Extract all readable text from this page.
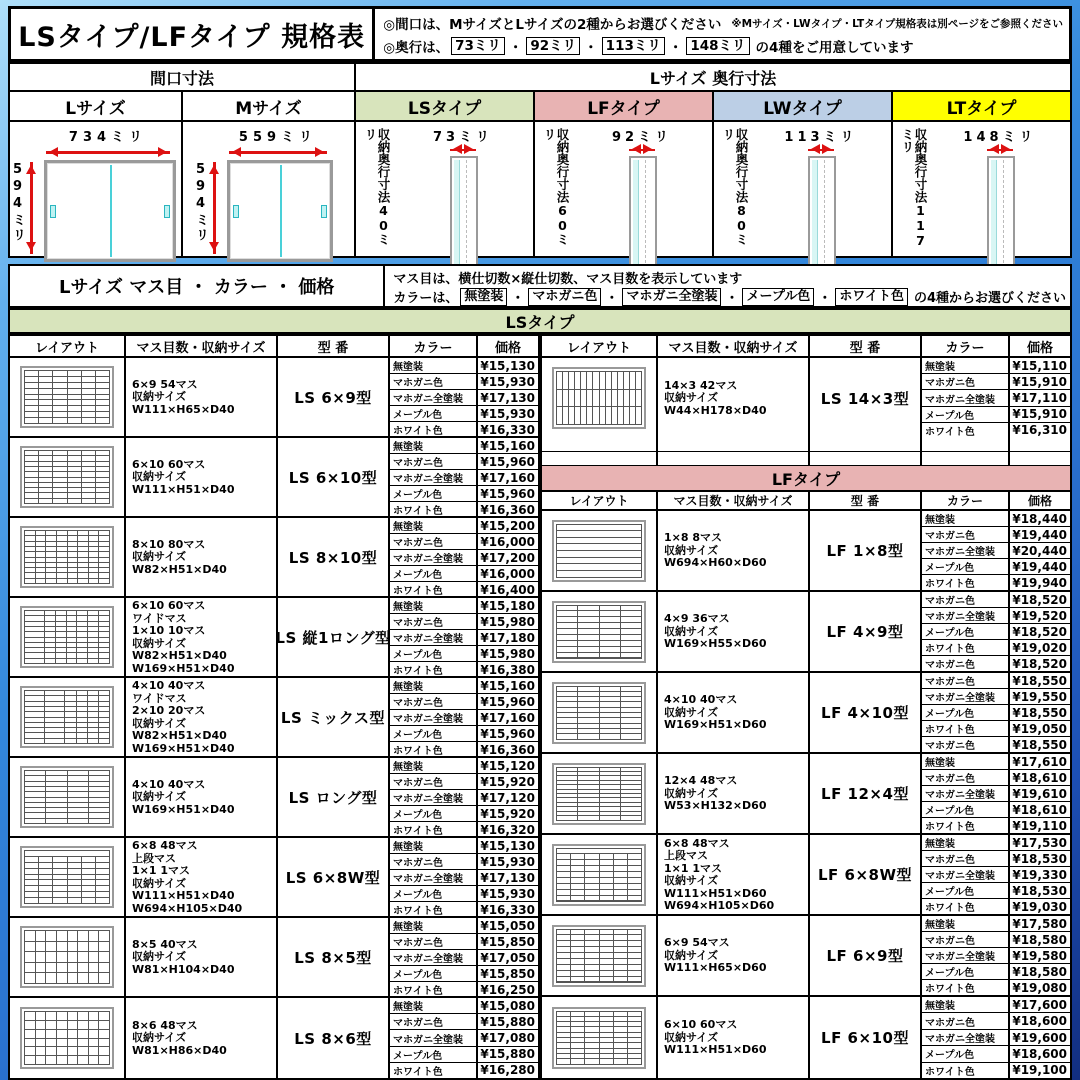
LSタイプ/LFタイプ 規格表	◎間口は、MサイズとLサイズの2種からお選びください ※Mサイズ・LWタイプ・LTタイプ規格表は別ページをご参照ください
◎奥行は、 73ミリ ・ 92ミリ ・ 113ミリ ・ 148ミリ の4種をご用意しています
間口寸法
Lサイズ
734ミリ
594ミリ
Mサイズ
559ミリ
594ミリ
Lサイズ 奥行寸法
LSタイプ
収納奥行寸法40ミリ	73ミリ
LFタイプ
収納奥行寸法60ミリ	92ミリ
LWタイプ
収納奥行寸法80ミリ	113ミリ
LTタイプ
収納奥行寸法117ミリ	148ミリ
Lサイズ マス目 ・ カラー ・ 価格	マス目は、横仕切数×縦仕切数、マス目数を表示しています
カラーは、 無塗装 ・ マホガニ色 ・ マホガニ全塗装 ・ メープル色 ・ ホワイト色 の4種からお選びください
LSタイプ
レイアウト	マス目数・収納サイズ	型 番	カラー	価格
6×9 54マス
収納サイズ
W111×H65×D40
LS 6×9型
無塗装	¥15,130
マホガニ色	¥15,930
マホガニ全塗装	¥17,130
メープル色	¥15,930
ホワイト色	¥16,330
6×10 60マス
収納サイズ
W111×H51×D40
LS 6×10型
無塗装	¥15,160
マホガニ色	¥15,960
マホガニ全塗装	¥17,160
メープル色	¥15,960
ホワイト色	¥16,360
8×10 80マス
収納サイズ
W82×H51×D40
LS 8×10型
無塗装	¥15,200
マホガニ色	¥16,000
マホガニ全塗装	¥17,200
メープル色	¥16,000
ホワイト色	¥16,400
6×10 60マス
ワイドマス
1×10 10マス
収納サイズ
W82×H51×D40
W169×H51×D40
LS 縦1ロング型
無塗装	¥15,180
マホガニ色	¥15,980
マホガニ全塗装	¥17,180
メープル色	¥15,980
ホワイト色	¥16,380
4×10 40マス
ワイドマス
2×10 20マス
収納サイズ
W82×H51×D40
W169×H51×D40
LS ミックス型
無塗装	¥15,160
マホガニ色	¥15,960
マホガニ全塗装	¥17,160
メープル色	¥15,960
ホワイト色	¥16,360
4×10 40マス
収納サイズ
W169×H51×D40
LS ロング型
無塗装	¥15,120
マホガニ色	¥15,920
マホガニ全塗装	¥17,120
メープル色	¥15,920
ホワイト色	¥16,320
6×8 48マス
上段マス
1×1 1マス
収納サイズ
W111×H51×D40
W694×H105×D40
LS 6×8W型
無塗装	¥15,130
マホガニ色	¥15,930
マホガニ全塗装	¥17,130
メープル色	¥15,930
ホワイト色	¥16,330
8×5 40マス
収納サイズ
W81×H104×D40
LS 8×5型
無塗装	¥15,050
マホガニ色	¥15,850
マホガニ全塗装	¥17,050
メープル色	¥15,850
ホワイト色	¥16,250
8×6 48マス
収納サイズ
W81×H86×D40
LS 8×6型
無塗装	¥15,080
マホガニ色	¥15,880
マホガニ全塗装	¥17,080
メープル色	¥15,880
ホワイト色	¥16,280
レイアウト	マス目数・収納サイズ	型 番	カラー	価格
14×3 42マス
収納サイズ
W44×H178×D40
LS 14×3型
無塗装	¥15,110
マホガニ色	¥15,910
マホガニ全塗装	¥17,110
メープル色	¥15,910
ホワイト色	¥16,310
LFタイプ
レイアウト	マス目数・収納サイズ	型 番	カラー	価格
1×8 8マス
収納サイズ
W694×H60×D60
LF 1×8型
無塗装	¥18,440
マホガニ色	¥19,440
マホガニ全塗装	¥20,440
メープル色	¥19,440
ホワイト色	¥19,940
4×9 36マス
収納サイズ
W169×H55×D60
LF 4×9型
マホガニ色	¥18,520
マホガニ全塗装	¥19,520
メープル色	¥18,520
ホワイト色	¥19,020
マホガニ色	¥18,520
4×10 40マス
収納サイズ
W169×H51×D60
LF 4×10型
マホガニ色	¥18,550
マホガニ全塗装	¥19,550
メープル色	¥18,550
ホワイト色	¥19,050
マホガニ色	¥18,550
12×4 48マス
収納サイズ
W53×H132×D60
LF 12×4型
無塗装	¥17,610
マホガニ色	¥18,610
マホガニ全塗装	¥19,610
メープル色	¥18,610
ホワイト色	¥19,110
6×8 48マス
上段マス
1×1 1マス
収納サイズ
W111×H51×D60
W694×H105×D60
LF 6×8W型
無塗装	¥17,530
マホガニ色	¥18,530
マホガニ全塗装	¥19,330
メープル色	¥18,530
ホワイト色	¥19,030
6×9 54マス
収納サイズ
W111×H65×D60
LF 6×9型
無塗装	¥17,580
マホガニ色	¥18,580
マホガニ全塗装	¥19,580
メープル色	¥18,580
ホワイト色	¥19,080
6×10 60マス
収納サイズ
W111×H51×D60
LF 6×10型
無塗装	¥17,600
マホガニ色	¥18,600
マホガニ全塗装	¥19,600
メープル色	¥18,600
ホワイト色	¥19,100
